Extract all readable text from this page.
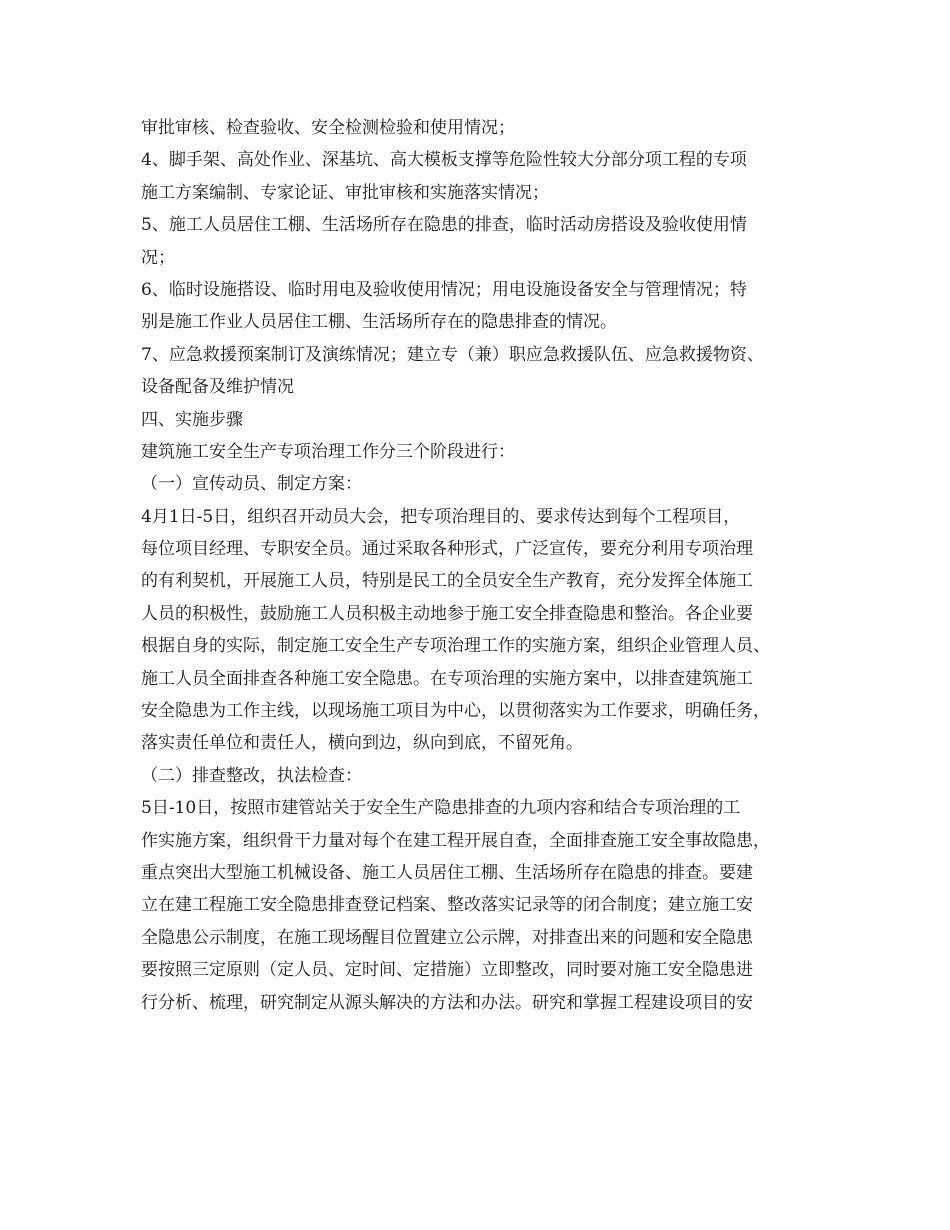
审批审核、检查验收、安全检测检验和使用情况；
4、脚手架、高处作业、深基坑、高大模板支撑等危险性较大分部分项工程的专项
施工方案编制、专家论证、审批审核和实施落实情况；
5、施工人员居住工棚、生活场所存在隐患的排查，临时活动房搭设及验收使用情
况；
6、临时设施搭设、临时用电及验收使用情况；用电设施设备安全与管理情况；特
别是施工作业人员居住工棚、生活场所存在的隐患排查的情况。
7、应急救援预案制订及演练情况；建立专（兼）职应急救援队伍、应急救援物资、
设备配备及维护情况
四、实施步骤
建筑施工安全生产专项治理工作分三个阶段进行：
（一）宣传动员、制定方案：
4月1日-5日，组织召开动员大会，把专项治理目的、要求传达到每个工程项目，
每位项目经理、专职安全员。通过采取各种形式，广泛宣传，要充分利用专项治理
的有利契机，开展施工人员，特别是民工的全员安全生产教育，充分发挥全体施工
人员的积极性，鼓励施工人员积极主动地参于施工安全排查隐患和整治。各企业要
根据自身的实际，制定施工安全生产专项治理工作的实施方案，组织企业管理人员、
施工人员全面排查各种施工安全隐患。在专项治理的实施方案中，以排查建筑施工
安全隐患为工作主线，以现场施工项目为中心，以贯彻落实为工作要求，明确任务，
落实责任单位和责任人，横向到边，纵向到底，不留死角。
（二）排查整改，执法检查：
5日-10日，按照市建管站关于安全生产隐患排查的九项内容和结合专项治理的工
作实施方案，组织骨干力量对每个在建工程开展自查，全面排查施工安全事故隐患，
重点突出大型施工机械设备、施工人员居住工棚、生活场所存在隐患的排查。要建
立在建工程施工安全隐患排查登记档案、整改落实记录等的闭合制度；建立施工安
全隐患公示制度，在施工现场醒目位置建立公示牌，对排查出来的问题和安全隐患
要按照三定原则（定人员、定时间、定措施）立即整改，同时要对施工安全隐患进
行分析、梳理，研究制定从源头解决的方法和办法。研究和掌握工程建设项目的安
